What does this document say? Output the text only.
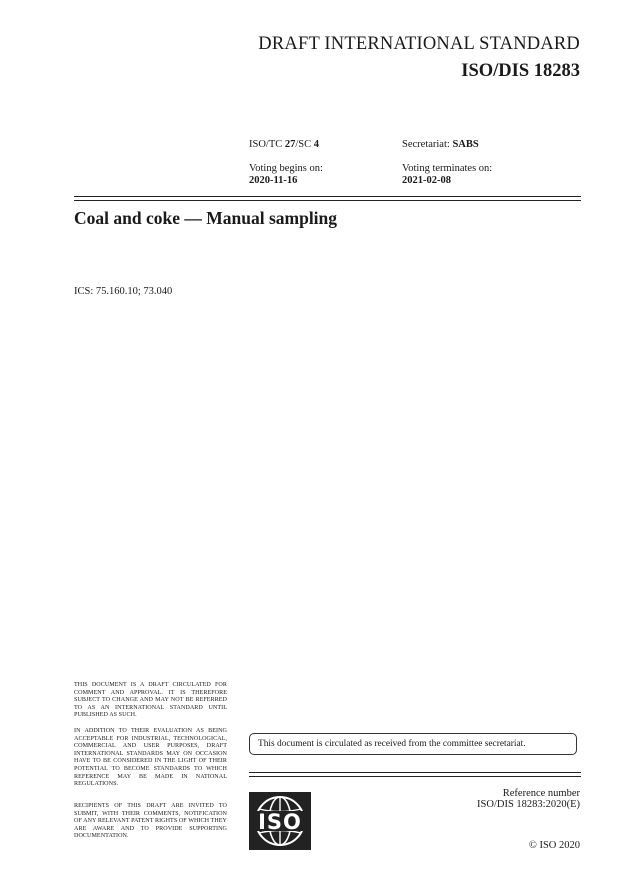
DRAFT INTERNATIONAL STANDARD
ISO/DIS 18283
ISO/TC 27/SC 4	Secretariat: SABS
Voting begins on:
2020-11-16
Voting terminates on:
2021-02-08
Coal and coke — Manual sampling
ICS: 75.160.10; 73.040
THIS DOCUMENT IS A DRAFT CIRCULATED FOR COMMENT AND APPROVAL. IT IS THEREFORE SUBJECT TO CHANGE AND MAY NOT BE REFERRED TO AS AN INTERNATIONAL STANDARD UNTIL PUBLISHED AS SUCH.
IN ADDITION TO THEIR EVALUATION AS BEING ACCEPTABLE FOR INDUSTRIAL, TECHNOLOGICAL, COMMERCIAL AND USER PURPOSES, DRAFT INTERNATIONAL STANDARDS MAY ON OCCASION HAVE TO BE CONSIDERED IN THE LIGHT OF THEIR POTENTIAL TO BECOME STANDARDS TO WHICH REFERENCE MAY BE MADE IN NATIONAL REGULATIONS.
RECIPIENTS OF THIS DRAFT ARE INVITED TO SUBMIT, WITH THEIR COMMENTS, NOTIFICATION OF ANY RELEVANT PATENT RIGHTS OF WHICH THEY ARE AWARE AND TO PROVIDE SUPPORTING DOCUMENTATION.
This document is circulated as received from the committee secretariat.
ISO
Reference number
ISO/DIS 18283:2020(E)
© ISO 2020
